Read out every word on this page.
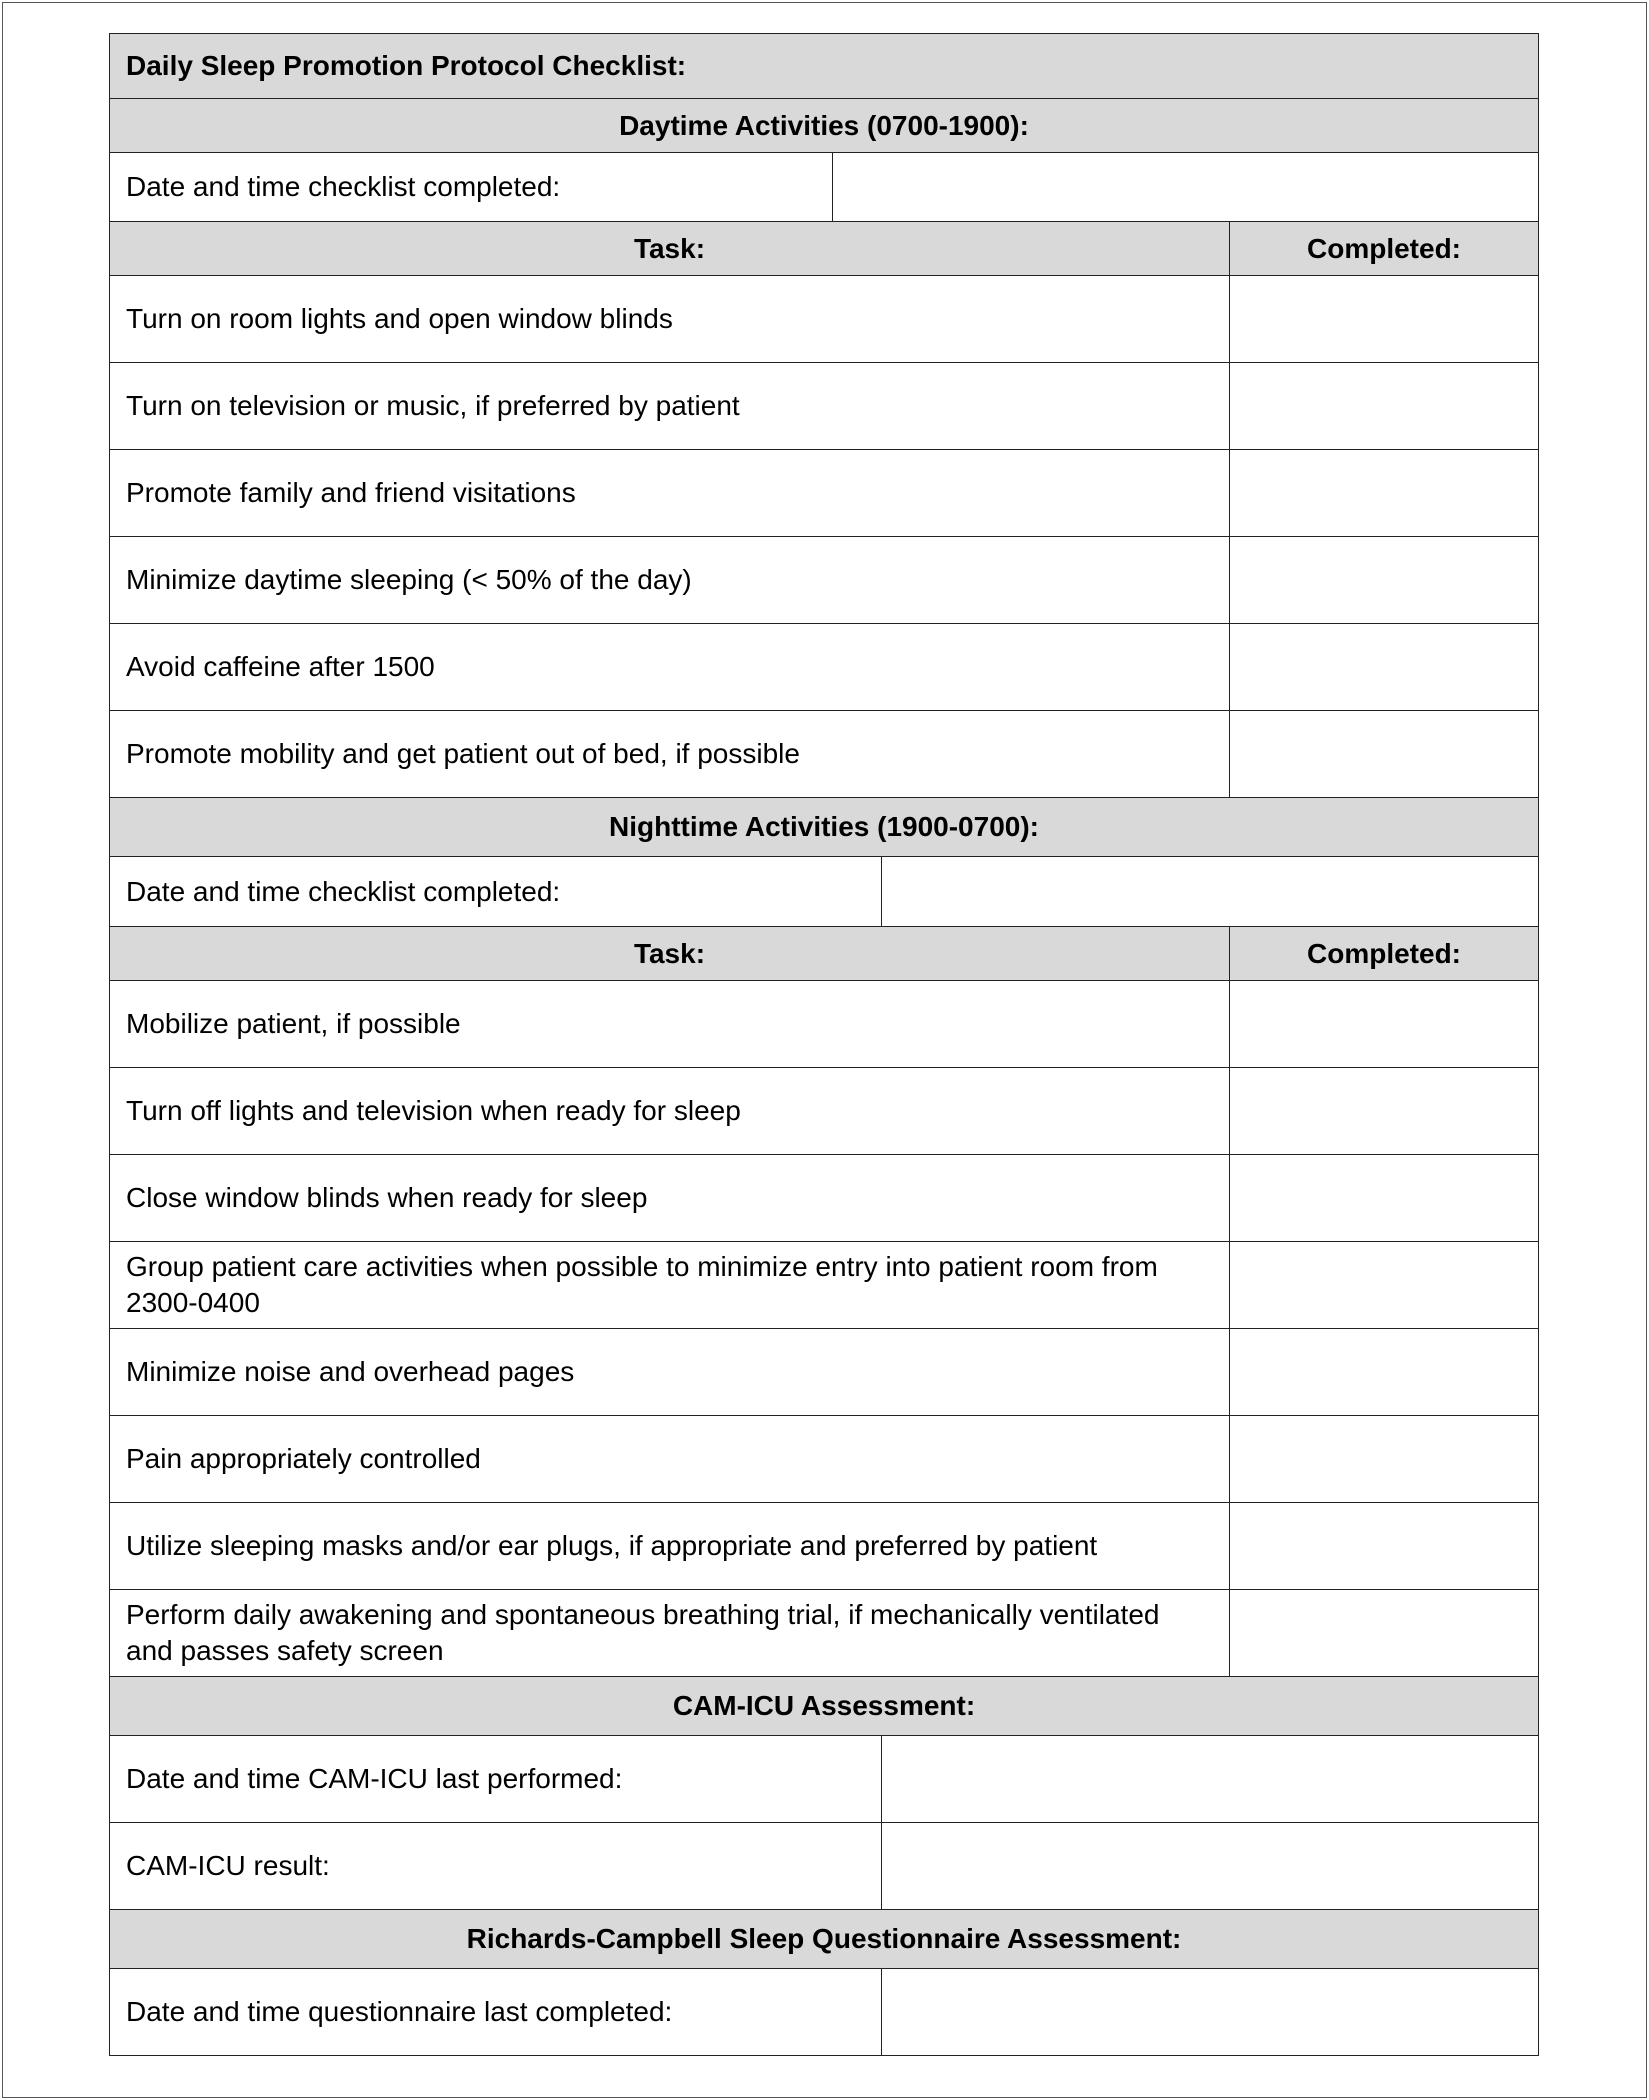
Daily Sleep Promotion Protocol Checklist:
Daytime Activities (0700-1900):
Date and time checklist completed:
Task:	Completed:
Turn on room lights and open window blinds
Turn on television or music, if preferred by patient
Promote family and friend visitations
Minimize daytime sleeping (< 50% of the day)
Avoid caffeine after 1500
Promote mobility and get patient out of bed, if possible
Nighttime Activities (1900-0700):
Date and time checklist completed:
Task:	Completed:
Mobilize patient, if possible
Turn off lights and television when ready for sleep
Close window blinds when ready for sleep
Group patient care activities when possible to minimize entry into patient room from 2300-0400
Minimize noise and overhead pages
Pain appropriately controlled
Utilize sleeping masks and/or ear plugs, if appropriate and preferred by patient
Perform daily awakening and spontaneous breathing trial, if mechanically ventilated and passes safety screen
CAM-ICU Assessment:
Date and time CAM-ICU last performed:
CAM-ICU result:
Richards-Campbell Sleep Questionnaire Assessment:
Date and time questionnaire last completed:
